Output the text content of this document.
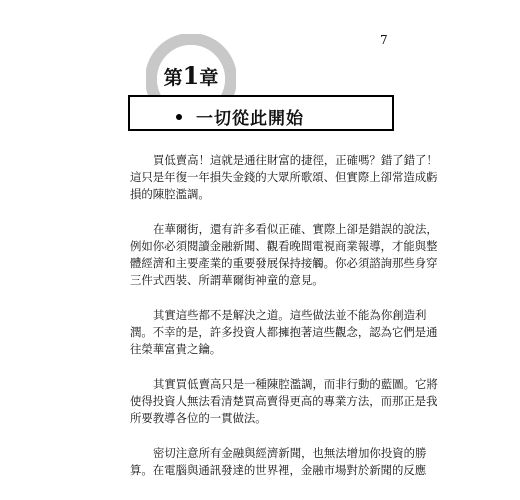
7
第1章
一切從此開始
買低賣高！這就是通往財富的捷徑，正確嗎？錯了錯了！
這只是年復一年損失金錢的大眾所歌頌、但實際上卻常造成虧
損的陳腔濫調。
在華爾街，還有許多看似正確、實際上卻是錯誤的說法，
例如你必須閱讀金融新聞、觀看晚間電視商業報導，才能與整
體經濟和主要產業的重要發展保持接觸。你必須諮詢那些身穿
三件式西裝、所謂華爾街神童的意見。
其實這些都不是解決之道。這些做法並不能為你創造利
潤。不幸的是，許多投資人都擁抱著這些觀念，認為它們是通
往榮華富貴之鑰。
其實買低賣高只是一種陳腔濫調，而非行動的藍圖。它將
使得投資人無法看清楚買高賣得更高的專業方法，而那正是我
所要教導各位的一貫做法。
密切注意所有金融與經濟新聞，也無法增加你投資的勝
算。在電腦與通訊發達的世界裡，金融市場對於新聞的反應
